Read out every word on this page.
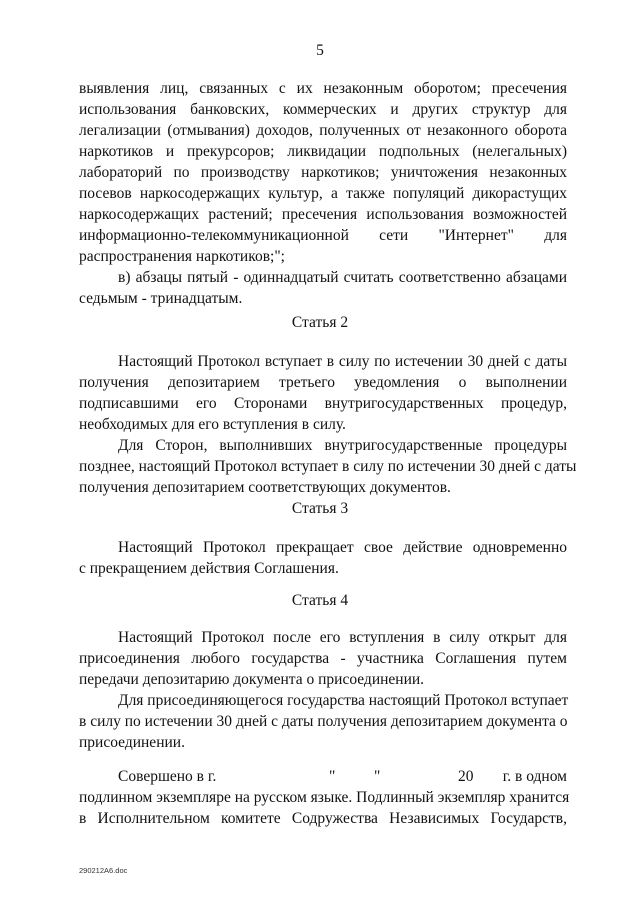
5
выявления лиц, связанных с их незаконным оборотом; пресечения
использования банковских, коммерческих и других структур для
легализации (отмывания) доходов, полученных от незаконного оборота
наркотиков и прекурсоров; ликвидации подпольных (нелегальных)
лабораторий по производству наркотиков; уничтожения незаконных
посевов наркосодержащих культур, а также популяций дикорастущих
наркосодержащих растений; пресечения использования возможностей
информационно-телекоммуникационной сети "Интернет" для
распространения наркотиков;";
в) абзацы пятый - одиннадцатый считать соответственно абзацами
седьмым - тринадцатым.
Статья 2
Настоящий Протокол вступает в силу по истечении 30 дней с даты
получения депозитарием третьего уведомления о выполнении
подписавшими его Сторонами внутригосударственных процедур,
необходимых для его вступления в силу.
Для Сторон, выполнивших внутригосударственные процедуры
позднее, настоящий Протокол вступает в силу по истечении 30 дней с даты
получения депозитарием соответствующих документов.
Статья 3
Настоящий Протокол прекращает свое действие одновременно
с прекращением действия Соглашения.
Статья 4
Настоящий Протокол после его вступления в силу открыт для
присоединения любого государства - участника Соглашения путем
передачи депозитарию документа о присоединении.
Для присоединяющегося государства настоящий Протокол вступает
в силу по истечении 30 дней с даты получения депозитарием документа о
присоединении.
Совершено в г.	" "	20 г. в одном
подлинном экземпляре на русском языке. Подлинный экземпляр хранится
в Исполнительном комитете Содружества Независимых Государств,
290212A6.doc
